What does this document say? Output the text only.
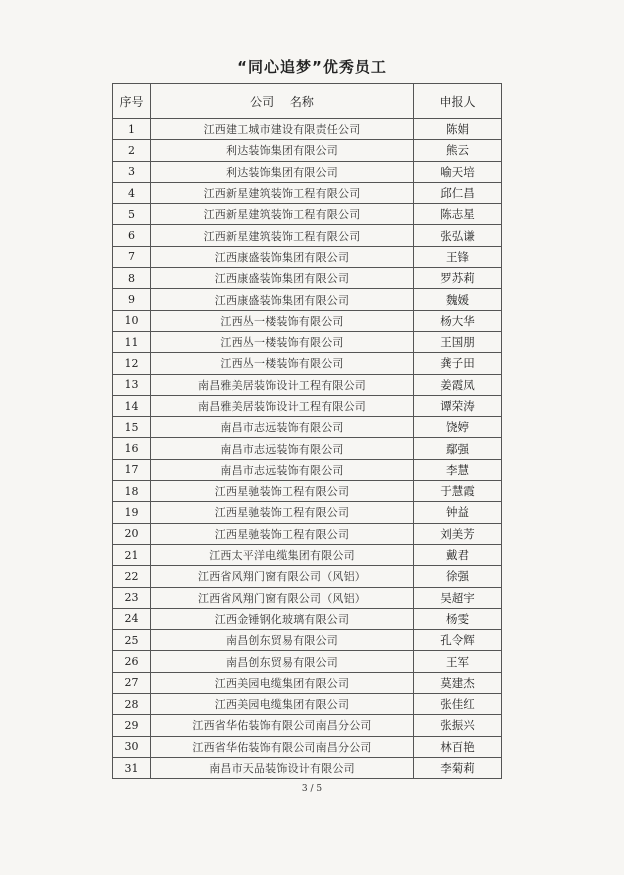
“同心追梦”优秀员工
序号	公司　 名称	申报人
1	江西建工城市建设有限责任公司	陈娟
2	利达装饰集团有限公司	熊云
3	利达装饰集团有限公司	喻天培
4	江西新星建筑装饰工程有限公司	邱仁昌
5	江西新星建筑装饰工程有限公司	陈志星
6	江西新星建筑装饰工程有限公司	张弘谦
7	江西康盛装饰集团有限公司	王锋
8	江西康盛装饰集团有限公司	罗苏莉
9	江西康盛装饰集团有限公司	魏媛
10	江西丛一楼装饰有限公司	杨大华
11	江西丛一楼装饰有限公司	王国朋
12	江西丛一楼装饰有限公司	龚子田
13	南昌雅美居装饰设计工程有限公司	姜霞凤
14	南昌雅美居装饰设计工程有限公司	谭荣涛
15	南昌市志远装饰有限公司	饶婷
16	南昌市志远装饰有限公司	鄢强
17	南昌市志远装饰有限公司	李慧
18	江西星驰装饰工程有限公司	于慧霞
19	江西星驰装饰工程有限公司	钟益
20	江西星驰装饰工程有限公司	刘美芳
21	江西太平洋电缆集团有限公司	戴君
22	江西省风翔门窗有限公司（风铝）	徐强
23	江西省风翔门窗有限公司（风铝）	吴超宇
24	江西金锤钢化玻璃有限公司	杨雯
25	南昌创东贸易有限公司	孔令辉
26	南昌创东贸易有限公司	王军
27	江西美园电缆集团有限公司	莫建杰
28	江西美园电缆集团有限公司	张佳红
29	江西省华佑装饰有限公司南昌分公司	张振兴
30	江西省华佑装饰有限公司南昌分公司	林百艳
31	南昌市天品装饰设计有限公司	李菊莉
3 / 5
